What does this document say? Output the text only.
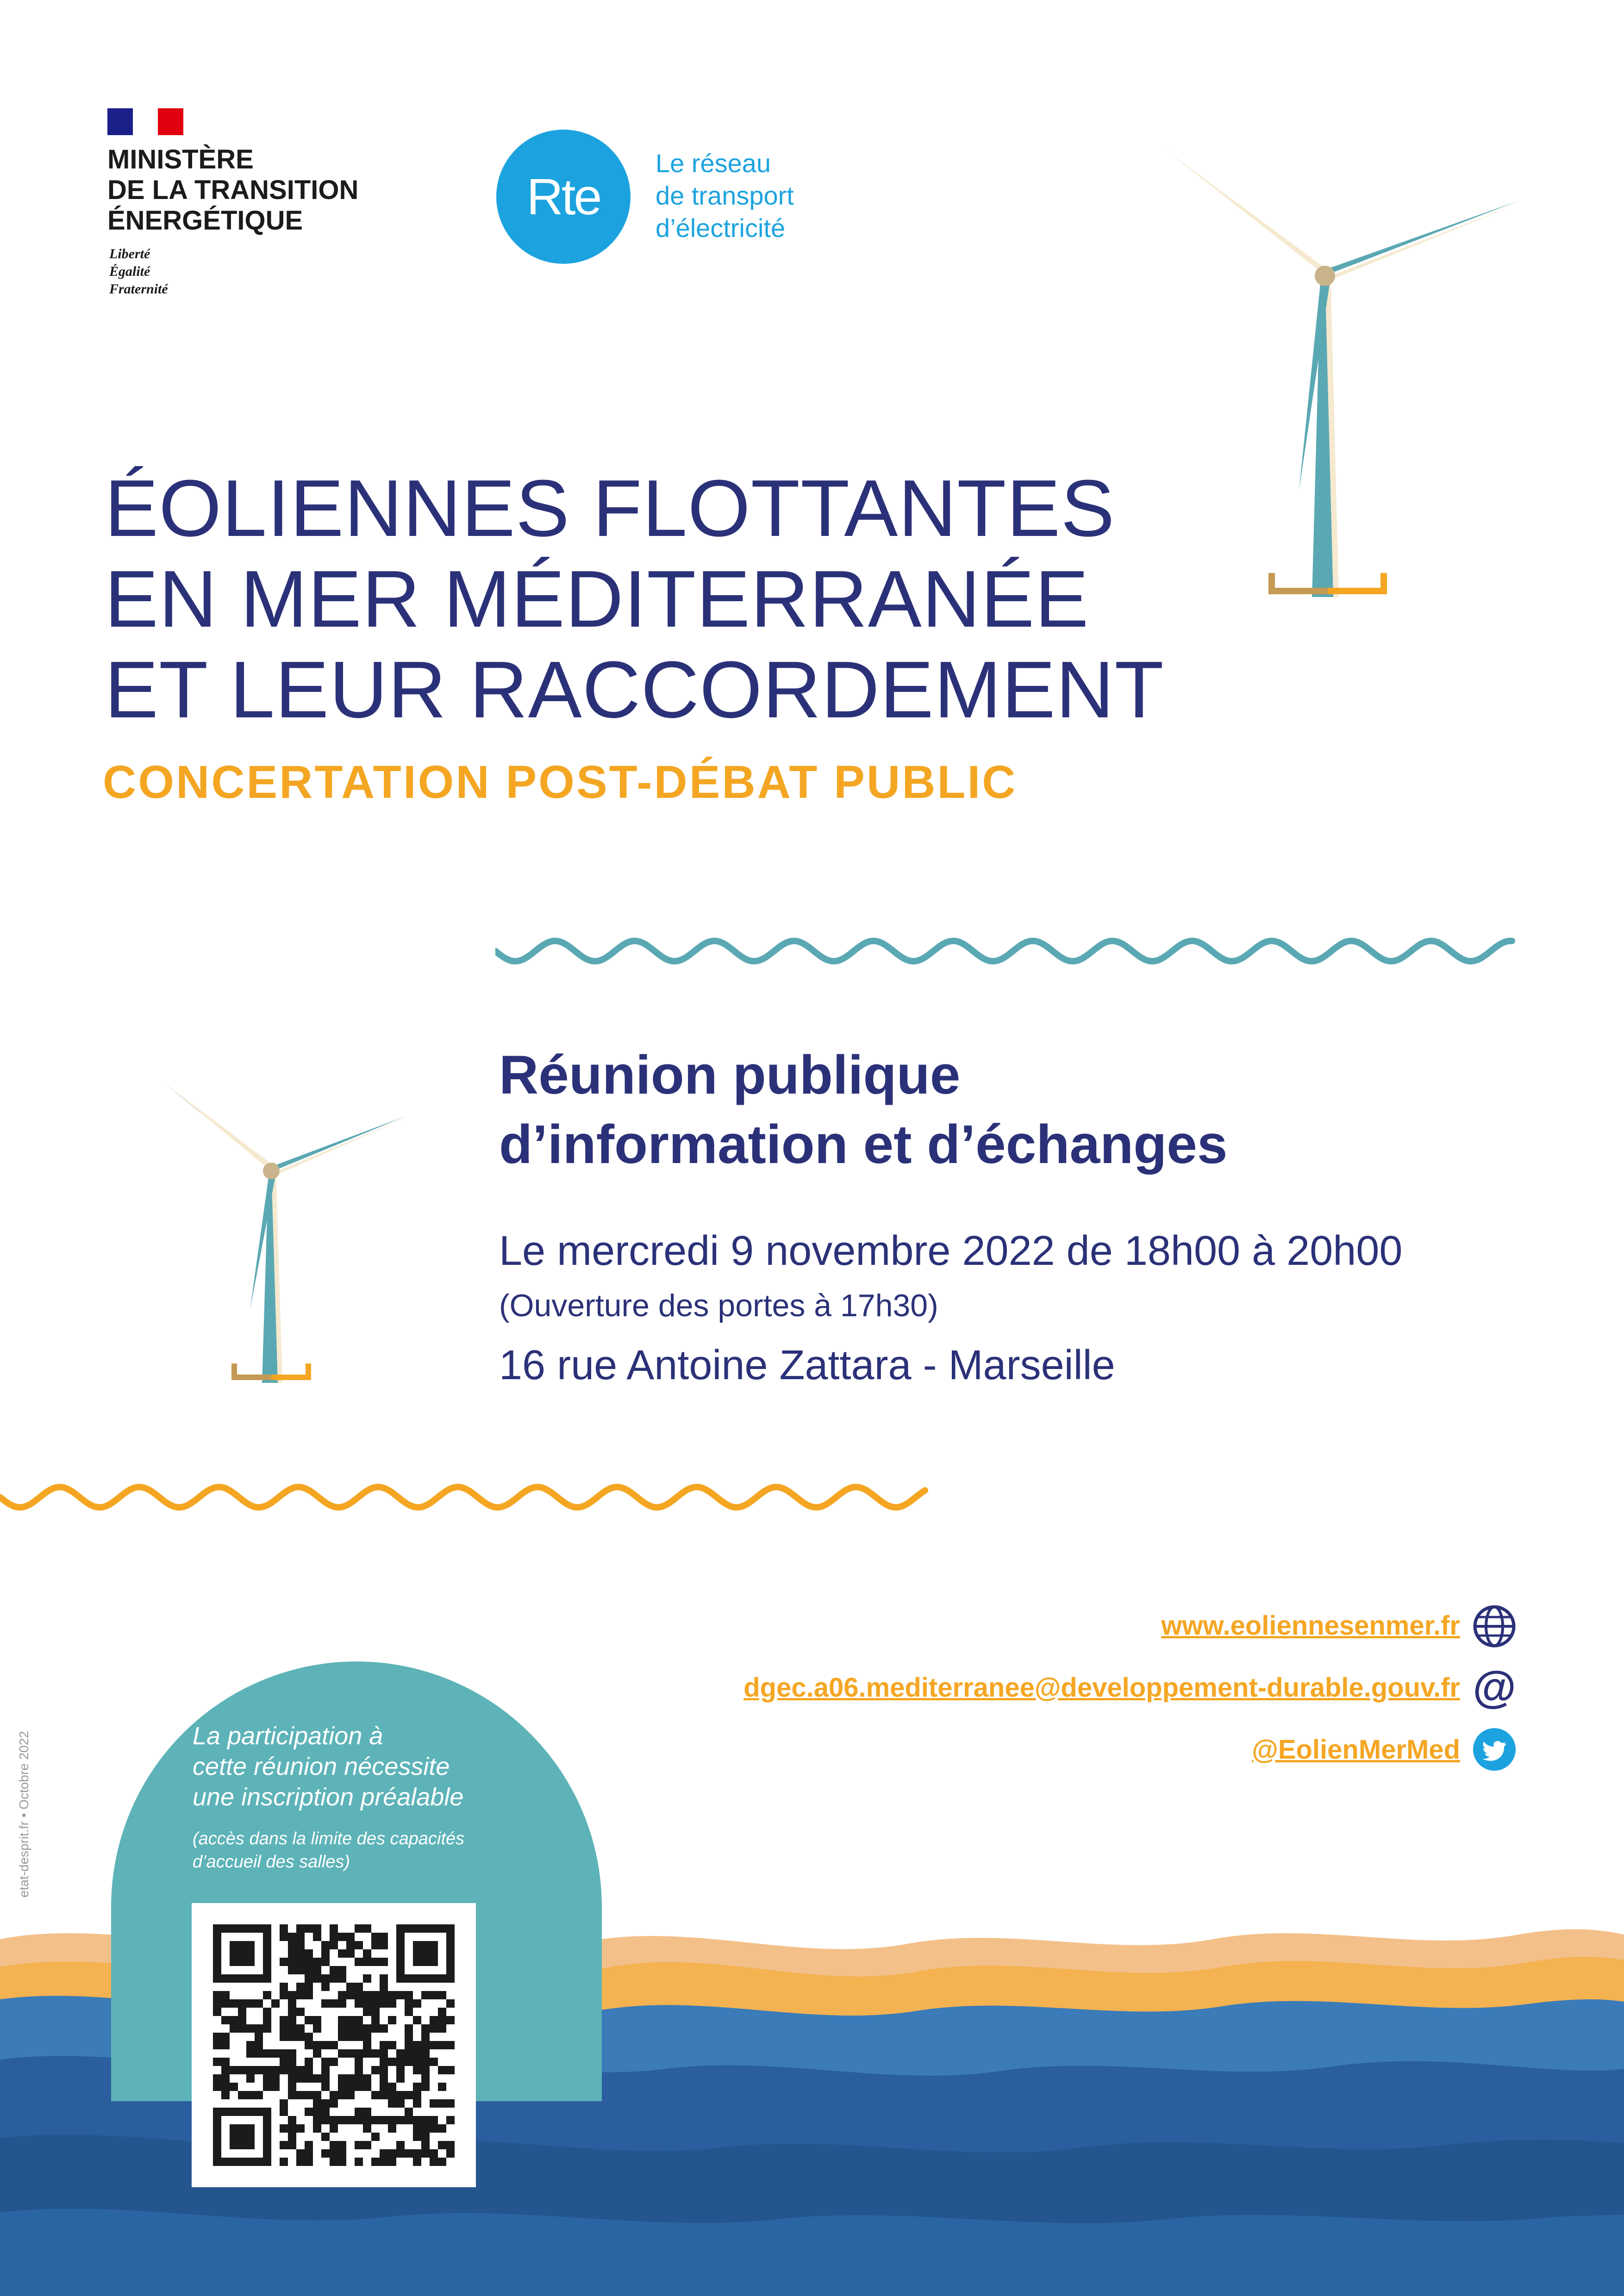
MINISTÈRE
DE LA TRANSITION
ÉNERGÉTIQUE
Liberté
Égalité
Fraternité
Rte
Le réseau
de transport
d’électricité
ÉOLIENNES FLOTTANTES
EN MER MÉDITERRANÉE
ET LEUR RACCORDEMENT
CONCERTATION POST-DÉBAT PUBLIC
Réunion publique
d’information et d’échanges
Le mercredi 9 novembre 2022 de 18h00 à 20h00
(Ouverture des portes à 17h30)
16 rue Antoine Zattara - Marseille
www.eoliennesenmer.fr
dgec.a06.mediterranee@developpement-durable.gouv.fr @
@EolienMerMed
etat-desprit.fr • Octobre 2022	La participation à
cette réunion nécessite
une inscription préalable
(accès dans la limite des capacités
d’accueil des salles)
